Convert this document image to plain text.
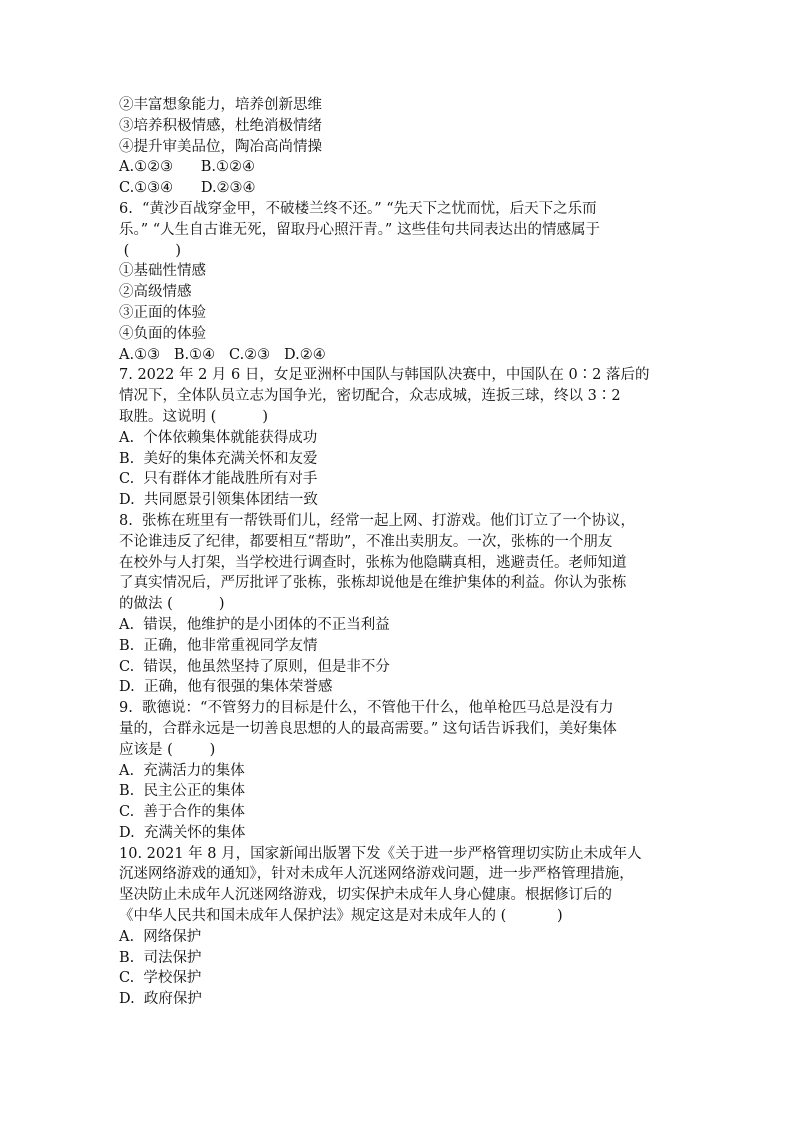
②丰富想象能力，培养创新思维
③培养积极情感，杜绝消极情绪
④提升审美品位，陶冶高尚情操
A.①②③      B.①②④
C.①③④      D.②③④
6.  “黄沙百战穿金甲，不破楼兰终不还。” “先天下之忧而忧，后天下之乐而
乐。” “人生自古谁无死，留取丹心照汗青。” 这些佳句共同表达出的情感属于
(          )
①基础性情感
②高级情感
③正面的体验
④负面的体验
A.①③   B.①④   C.②③   D.②④
7. 2022 年 2 月 6 日，女足亚洲杯中国队与韩国队决赛中，中国队在 0∶2 落后的
情况下，全体队员立志为国争光，密切配合，众志成城，连扳三球，终以 3∶2
取胜。这说明 (          )
A.  个体依赖集体就能获得成功
B.  美好的集体充满关怀和友爱
C.  只有群体才能战胜所有对手
D.  共同愿景引领集体团结一致
8.  张栋在班里有一帮铁哥们儿，经常一起上网、打游戏。他们订立了一个协议，
不论谁违反了纪律，都要相互“帮助”，不准出卖朋友。一次，张栋的一个朋友
在校外与人打架，当学校进行调查时，张栋为他隐瞒真相，逃避责任。老师知道
了真实情况后，严厉批评了张栋，张栋却说他是在维护集体的利益。你认为张栋
的做法 (          )
A.  错误，他维护的是小团体的不正当利益
B.  正确，他非常重视同学友情
C.  错误，他虽然坚持了原则，但是非不分
D.  正确，他有很强的集体荣誉感
9.  歌德说：“不管努力的目标是什么，不管他干什么，他单枪匹马总是没有力
量的，合群永远是一切善良思想的人的最高需要。” 这句话告诉我们，美好集体
应该是 (        )
A.  充满活力的集体
B.  民主公正的集体
C.  善于合作的集体
D.  充满关怀的集体
10. 2021 年 8 月，国家新闻出版署下发《关于进一步严格管理切实防止未成年人
沉迷网络游戏的通知》，针对未成年人沉迷网络游戏问题，进一步严格管理措施，
坚决防止未成年人沉迷网络游戏，切实保护未成年人身心健康。根据修订后的
《中华人民共和国未成年人保护法》规定这是对未成年人的 (           )
A.  网络保护
B.  司法保护
C.  学校保护
D.  政府保护
